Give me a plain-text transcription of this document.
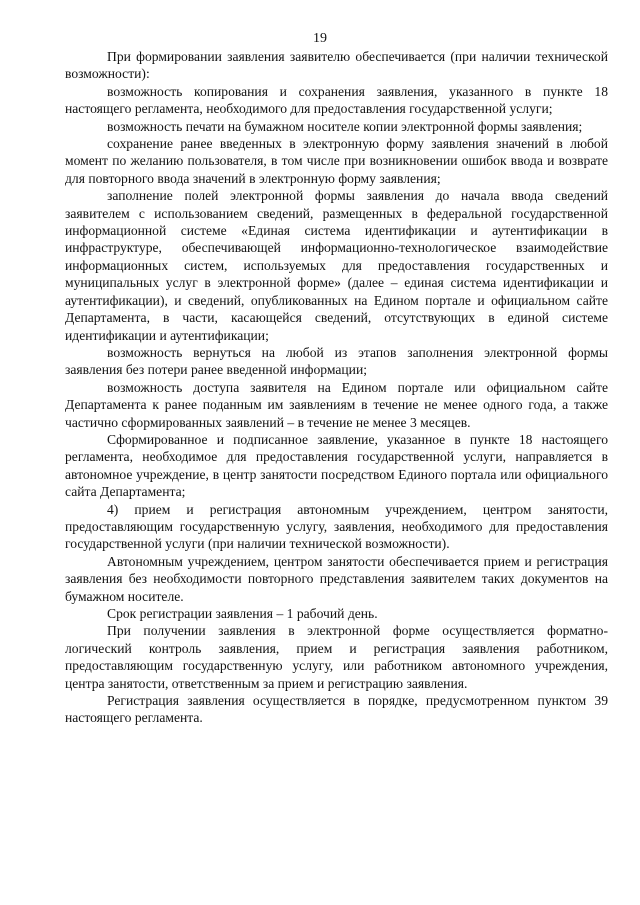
19

При формировании заявления заявителю обеспечивается (при наличии технической возможности):

возможность копирования и сохранения заявления, указанного в пункте 18 настоящего регламента, необходимого для предоставления государственной услуги;

возможность печати на бумажном носителе копии электронной формы заявления;

сохранение ранее введенных в электронную форму заявления значений в любой момент по желанию пользователя, в том числе при возникновении ошибок ввода и возврате для повторного ввода значений в электронную форму заявления;

заполнение полей электронной формы заявления до начала ввода сведений заявителем с использованием сведений, размещенных в федеральной государственной информационной системе «Единая система идентификации и аутентификации в инфраструктуре, обеспечивающей информационно-технологическое взаимодействие информационных систем, используемых для предоставления государственных и муниципальных услуг в электронной форме» (далее – единая система идентификации и аутентификации), и сведений, опубликованных на Едином портале и официальном сайте Департамента, в части, касающейся сведений, отсутствующих в единой системе идентификации и аутентификации;

возможность вернуться на любой из этапов заполнения электронной формы заявления без потери ранее введенной информации;

возможность доступа заявителя на Едином портале или официальном сайте Департамента к ранее поданным им заявлениям в течение не менее одного года, а также частично сформированных заявлений – в течение не менее 3 месяцев.

Сформированное и подписанное заявление, указанное в пункте 18 настоящего регламента, необходимое для предоставления государственной услуги, направляется в автономное учреждение, в центр занятости посредством Единого портала или официального сайта Департамента;

4) прием и регистрация автономным учреждением, центром занятости, предоставляющим государственную услугу, заявления, необходимого для предоставления государственной услуги (при наличии технической возможности).

Автономным учреждением, центром занятости обеспечивается прием и регистрация заявления без необходимости повторного представления заявителем таких документов на бумажном носителе.

Срок регистрации заявления – 1 рабочий день.

При получении заявления в электронной форме осуществляется форматно-логический контроль заявления, прием и регистрация заявления работником, предоставляющим государственную услугу, или работником автономного учреждения, центра занятости, ответственным за прием и регистрацию заявления.

Регистрация заявления осуществляется в порядке, предусмотренном пунктом 39 настоящего регламента.
